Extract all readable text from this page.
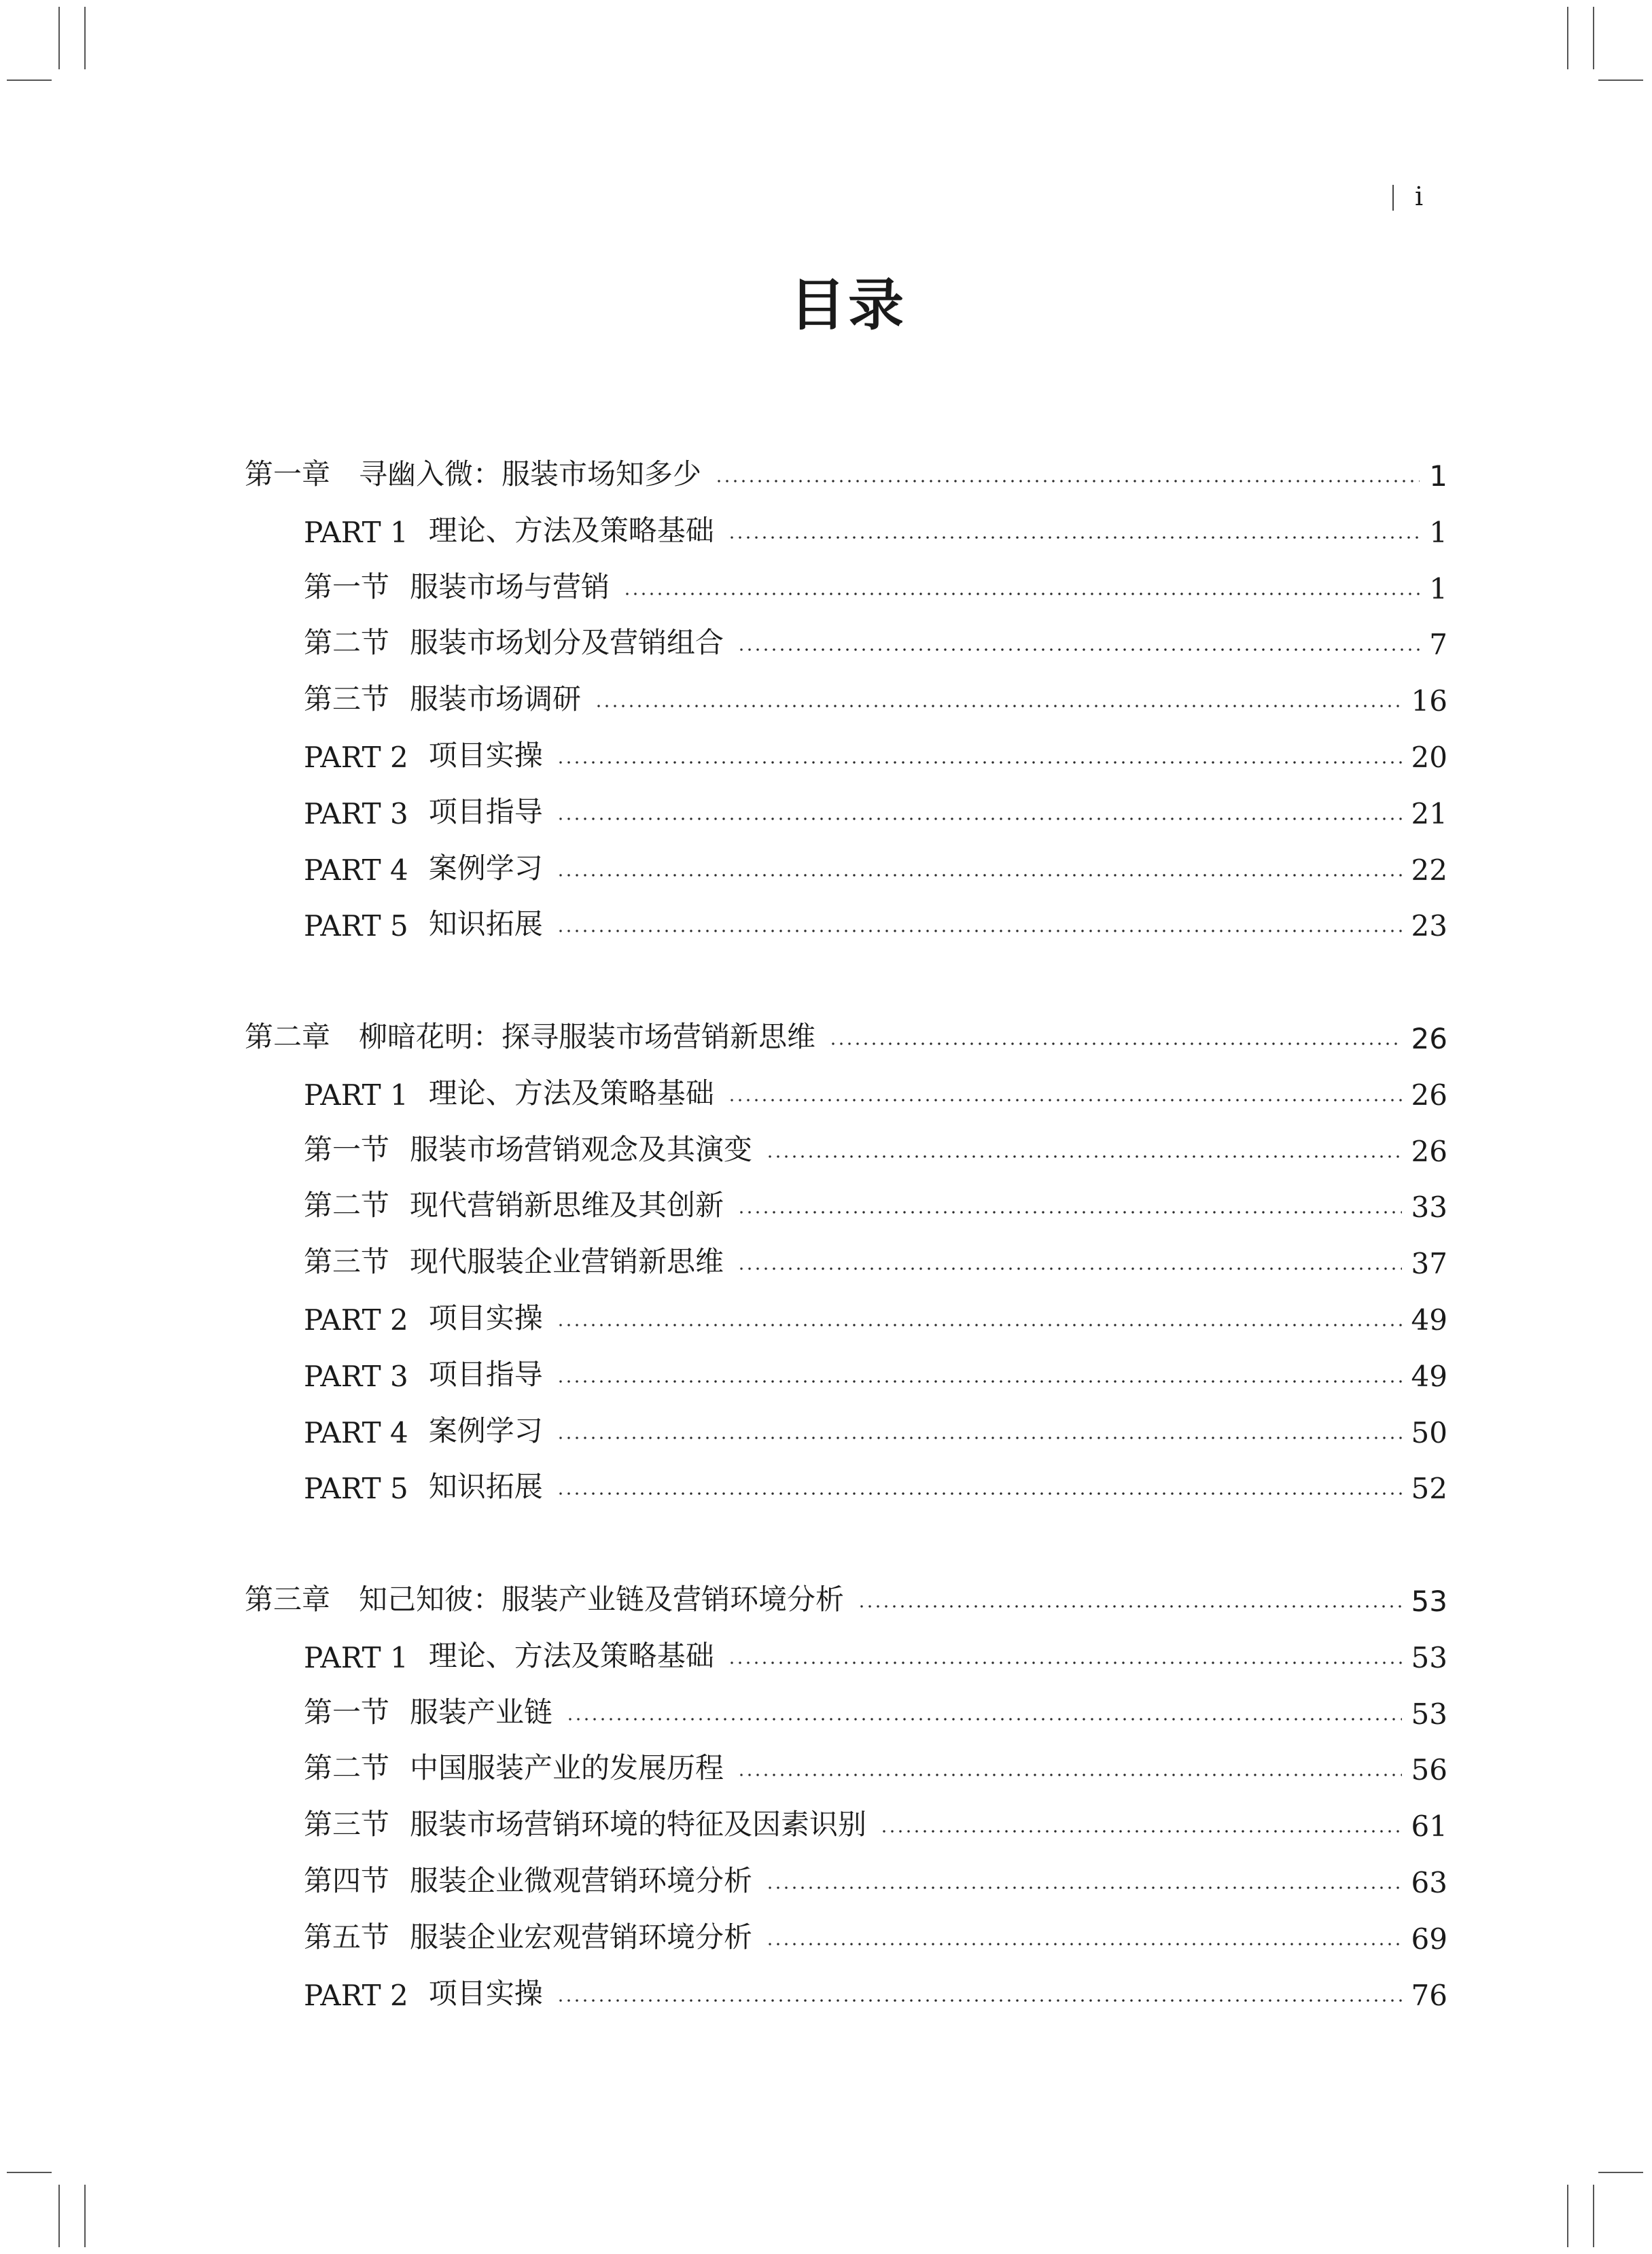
i
目录
第一章	寻幽入微：服装市场知多少	1
PART 1 理论、方法及策略基础	1
第一节 服装市场与营销	1
第二节 服装市场划分及营销组合	7
第三节 服装市场调研	16
PART 2 项目实操	20
PART 3 项目指导	21
PART 4 案例学习	22
PART 5 知识拓展	23
第二章	柳暗花明：探寻服装市场营销新思维	26
PART 1 理论、方法及策略基础	26
第一节 服装市场营销观念及其演变	26
第二节 现代营销新思维及其创新	33
第三节 现代服装企业营销新思维	37
PART 2 项目实操	49
PART 3 项目指导	49
PART 4 案例学习	50
PART 5 知识拓展	52
第三章	知己知彼：服装产业链及营销环境分析	53
PART 1 理论、方法及策略基础	53
第一节 服装产业链	53
第二节 中国服装产业的发展历程	56
第三节 服装市场营销环境的特征及因素识别	61
第四节 服装企业微观营销环境分析	63
第五节 服装企业宏观营销环境分析	69
PART 2 项目实操	76
